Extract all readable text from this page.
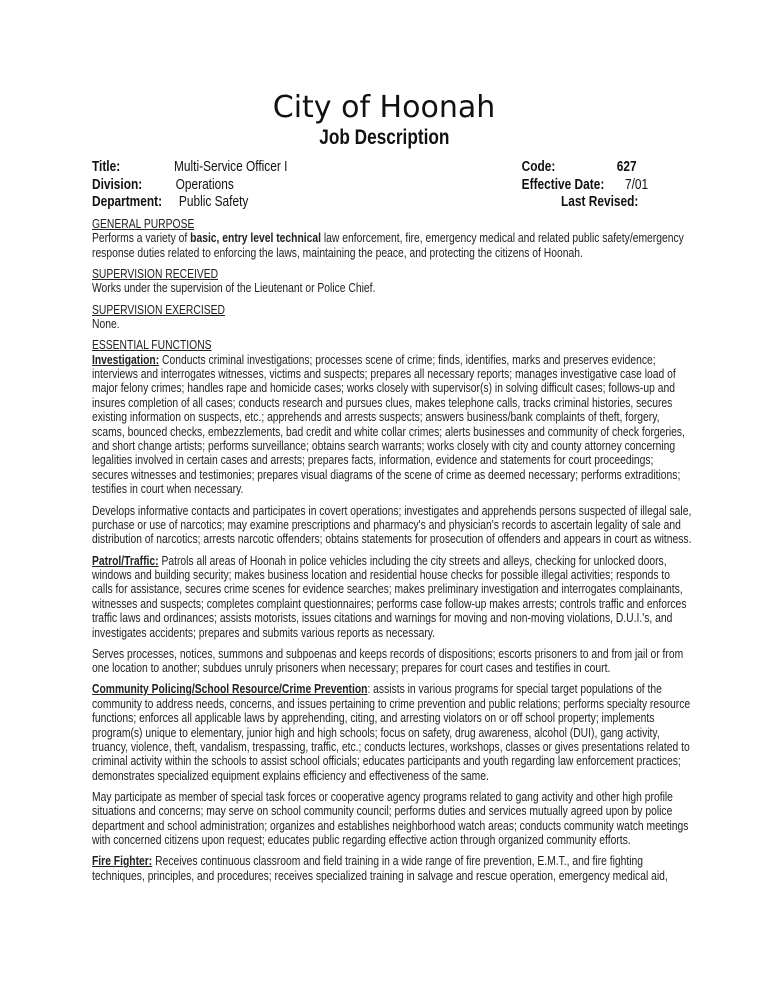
City of Hoonah
Job Description
Title:	Multi-Service Officer I	Code:	627
Division: Operations	Effective Date: 7/01
Department: Public Safety	Last Revised:
GENERAL PURPOSE
Performs a variety of basic, entry level technical law enforcement, fire, emergency medical and related public safety/emergency response duties related to enforcing the laws, maintaining the peace, and protecting the citizens of Hoonah.
SUPERVISION RECEIVED
Works under the supervision of the Lieutenant or Police Chief.
SUPERVISION EXERCISED
None.
ESSENTIAL FUNCTIONS

Investigation: Conducts criminal investigations; processes scene of crime; finds, identifies, marks and preserves evidence; interviews and interrogates witnesses, victims and suspects; prepares all necessary reports; manages investigative case load of major felony crimes; handles rape and homicide cases; works closely with supervisor(s) in solving difficult cases; follows-up and insures completion of all cases; conducts research and pursues clues, makes telephone calls, tracks criminal histories, secures existing information on suspects, etc.; apprehends and arrests suspects; answers business/bank complaints of theft, forgery, scams, bounced checks, embezzlements, bad credit and white collar crimes; alerts businesses and community of check forgeries, and short change artists; performs surveillance; obtains search warrants; works closely with city and county attorney concerning legalities involved in certain cases and arrests; prepares facts, information, evidence and statements for court proceedings; secures witnesses and testimonies; prepares visual diagrams of the scene of crime as deemed necessary; performs extraditions; testifies in court when necessary.

Develops informative contacts and participates in covert operations; investigates and apprehends persons suspected of illegal sale, purchase or use of narcotics; may examine prescriptions and pharmacy's and physician's records to ascertain legality of sale and distribution of narcotics; arrests narcotic offenders; obtains statements for prosecution of offenders and appears in court as witness.

Patrol/Traffic: Patrols all areas of Hoonah in police vehicles including the city streets and alleys, checking for unlocked doors, windows and building security; makes business location and residential house checks for possible illegal activities; responds to calls for assistance, secures crime scenes for evidence searches; makes preliminary investigation and interrogates complainants, witnesses and suspects; completes complaint questionnaires; performs case follow-up makes arrests; controls traffic and enforces traffic laws and ordinances; assists motorists, issues citations and warnings for moving and non-moving violations, D.U.I.'s, and investigates accidents; prepares and submits various reports as necessary.

Serves processes, notices, summons and subpoenas and keeps records of dispositions; escorts prisoners to and from jail or from one location to another; subdues unruly prisoners when necessary; prepares for court cases and testifies in court.

Community Policing/School Resource/Crime Prevention: assists in various programs for special target populations of the community to address needs, concerns, and issues pertaining to crime prevention and public relations; performs specialty resource functions; enforces all applicable laws by apprehending, citing, and arresting violators on or off school property; implements program(s) unique to elementary, junior high and high schools; focus on safety, drug awareness, alcohol (DUI), gang activity, truancy, violence, theft, vandalism, trespassing, traffic, etc.; conducts lectures, workshops, classes or gives presentations related to criminal activity within the schools to assist school officials; educates participants and youth regarding law enforcement practices; demonstrates specialized equipment explains efficiency and effectiveness of the same.

May participate as member of special task forces or cooperative agency programs related to gang activity and other high profile situations and concerns; may serve on school community council; performs duties and services mutually agreed upon by police department and school administration; organizes and establishes neighborhood watch areas; conducts community watch meetings with concerned citizens upon request; educates public regarding effective action through organized community efforts.

Fire Fighter: Receives continuous classroom and field training in a wide range of fire prevention, E.M.T., and fire fighting techniques, principles, and procedures; receives specialized training in salvage and rescue operation, emergency medical aid,
